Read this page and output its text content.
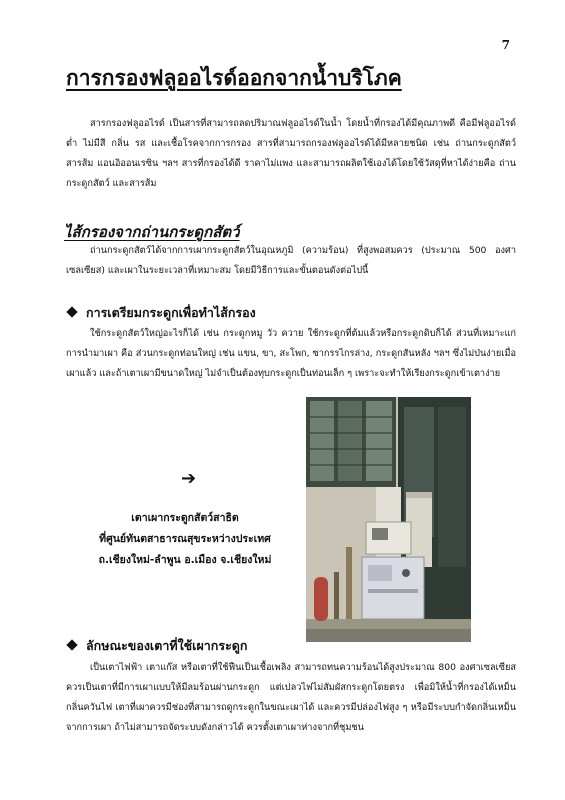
7
การกรองฟลูออไรด์ออกจากน้ำบริโภค
สารกรองฟลูออไรด์ เป็นสารที่สามารถลดปริมาณฟลูออไรด์ในน้ำ โดยน้ำที่กรองได้มีคุณภาพดี คือมีฟลูออไรด์ต่ำ ไม่มีสี กลิ่น รส และเชื้อโรคจากการกรอง สารที่สามารถกรองฟลูออไรด์ได้มีหลายชนิด เช่น ถ่านกระดูกสัตว์ สารส้ม แอนอิออนเรซิน ฯลฯ สารที่กรองได้ดี ราคาไม่แพง และสามารถผลิตใช้เองได้โดยใช้วัสดุที่หาได้ง่ายคือ ถ่านกระดูกสัตว์ และสารส้ม
ไส้กรองจากถ่านกระดูกสัตว์
ถ่านกระดูกสัตว์ได้จากการเผากระดูกสัตว์ในอุณหภูมิ (ความร้อน) ที่สูงพอสมควร (ประมาณ 500 องศาเซลเซียส) และเผาในระยะเวลาที่เหมาะสม โดยมีวิธีการและขั้นตอนดังต่อไปนี้
การเตรียมกระดูกเพื่อทำไส้กรอง
ใช้กระดูกสัตว์ใหญ่อะไรก็ได้ เช่น กระดูกหมู วัว ควาย ใช้กระดูกที่ต้มแล้วหรือกระดูกดิบก็ได้ ส่วนที่เหมาะแก่การนำมาเผา คือ ส่วนกระดูกท่อนใหญ่ เช่น แขน, ขา, สะโพก, ซากรรไกรล่าง, กระดูกสันหลัง ฯลฯ ซึ่งไม่ป่นง่ายเมื่อเผาแล้ว และถ้าเตาเผามีขนาดใหญ่ ไม่จำเป็นต้องทุบกระดูกเป็นท่อนเล็ก ๆ เพราะจะทำให้เรียงกระดูกเข้าเตาง่าย
➔
เตาเผากระดูกสัตว์สาธิต
ที่ศูนย์ทันตสาธารณสุขระหว่างประเทศ
ถ.เชียงใหม่-ลำพูน อ.เมือง จ.เชียงใหม่
ลักษณะของเตาที่ใช้เผากระดูก
เป็นเตาไฟฟ้า เตาแก๊ส หรือเตาที่ใช้ฟืนเป็นเชื้อเพลิง สามารถทนความร้อนได้สูงประมาณ 800 องศาเซลเซียส ควรเป็นเตาที่มีการเผาแบบให้มีลมร้อนผ่านกระดูก แต่เปลวไฟไม่สัมผัสกระดูกโดยตรง เพื่อมิให้น้ำที่กรองได้เหม็นกลิ่นควันไฟ เตาที่เผาควรมีช่องที่สามารถดูกระดูกในขณะเผาได้ และควรมีปล่องไฟสูง ๆ หรือมีระบบกำจัดกลิ่นเหม็นจากการเผา ถ้าไม่สามารถจัดระบบดังกล่าวได้ ควรตั้งเตาเผาห่างจากที่ชุมชน
